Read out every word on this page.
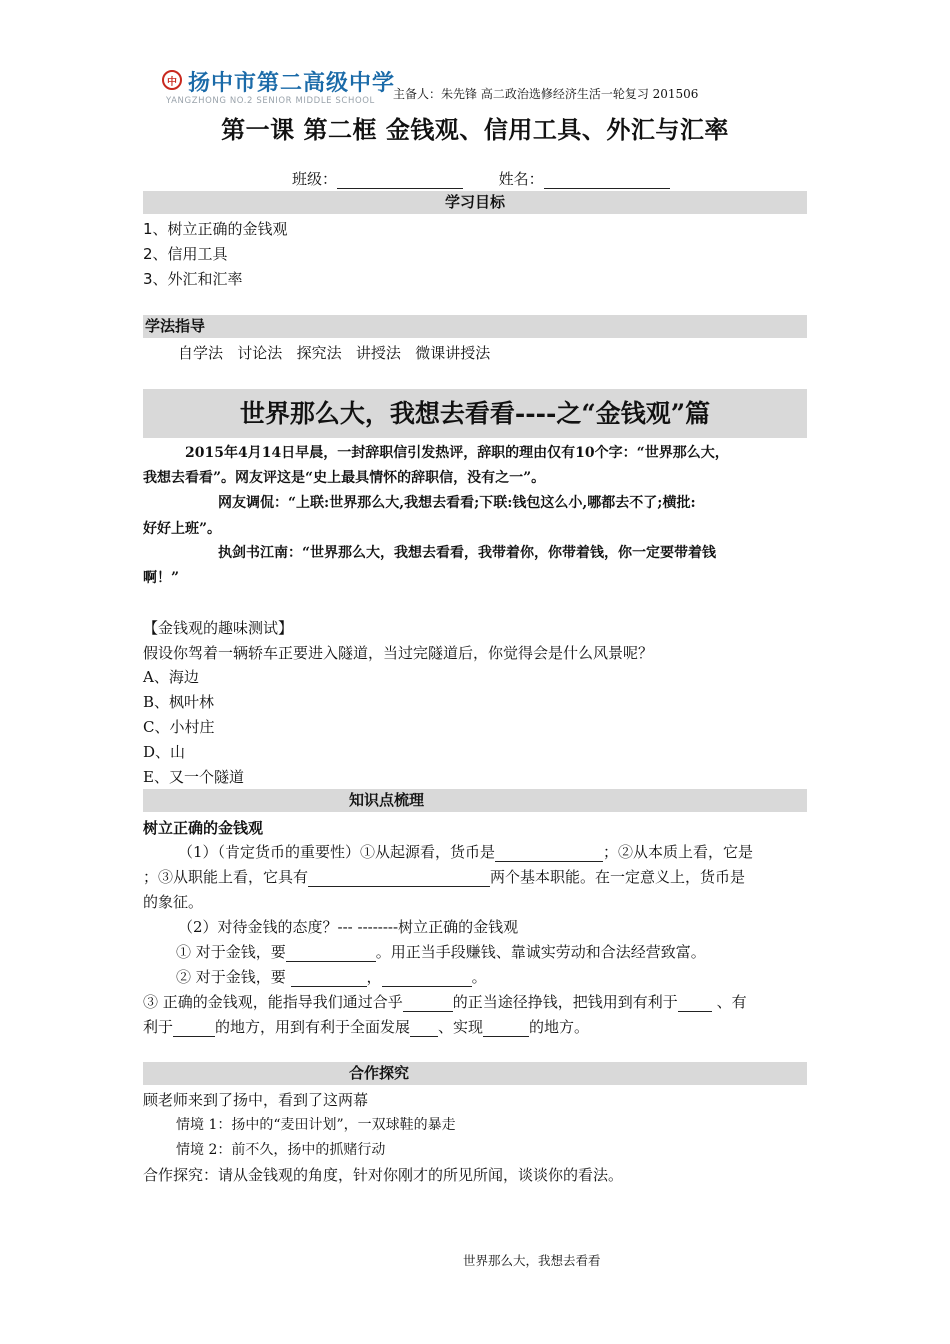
中 扬中市第二高级中学
YANGZHONG NO.2 SENIOR MIDDLE SCHOOL 主备人：朱先锋 高二政治选修经济生活一轮复习 201506
第一课 第二框 金钱观、信用工具、外汇与汇率
班级：	姓名：
学习目标
1、树立正确的金钱观
2、信用工具
3、外汇和汇率
学法指导
自学法   讨论法   探究法   讲授法   微课讲授法
世界那么大，我想去看看----之“金钱观”篇
2015年4月14日早晨，一封辞职信引发热评，辞职的理由仅有10个字：“世界那么大，
我想去看看”。网友评这是“史上最具情怀的辞职信，没有之一”。
网友调侃：“上联:世界那么大,我想去看看;下联:钱包这么小,哪都去不了;横批:
好好上班”。
执剑书江南：“世界那么大，我想去看看，我带着你，你带着钱，你一定要带着钱
啊！”
【金钱观的趣味测试】
假设你驾着一辆轿车正要进入隧道，当过完隧道后，你觉得会是什么风景呢？
A、海边
B、枫叶林
C、小村庄
D、山
E、又一个隧道
知识点梳理
树立正确的金钱观
（1）（肯定货币的重要性）①从起源看，货币是	；②从本质上看，它是
；③从职能上看，它具有	两个基本职能。在一定意义上，货币是
的象征。
（2）对待金钱的态度？--- --------树立正确的金钱观
① 对于金钱，要	。用正当手段赚钱、靠诚实劳动和合法经营致富。
② 对于金钱，要	，	。
③ 正确的金钱观，能指导我们通过合乎	的正当途径挣钱，把钱用到有利于 、有
利于	的地方，用到有利于全面发展 、实现	的地方。
合作探究
顾老师来到了扬中，看到了这两幕
情境 1：扬中的“麦田计划”，一双球鞋的暴走
情境 2：前不久，扬中的抓赌行动
合作探究：请从金钱观的角度，针对你刚才的所见所闻，谈谈你的看法。
世界那么大，我想去看看
